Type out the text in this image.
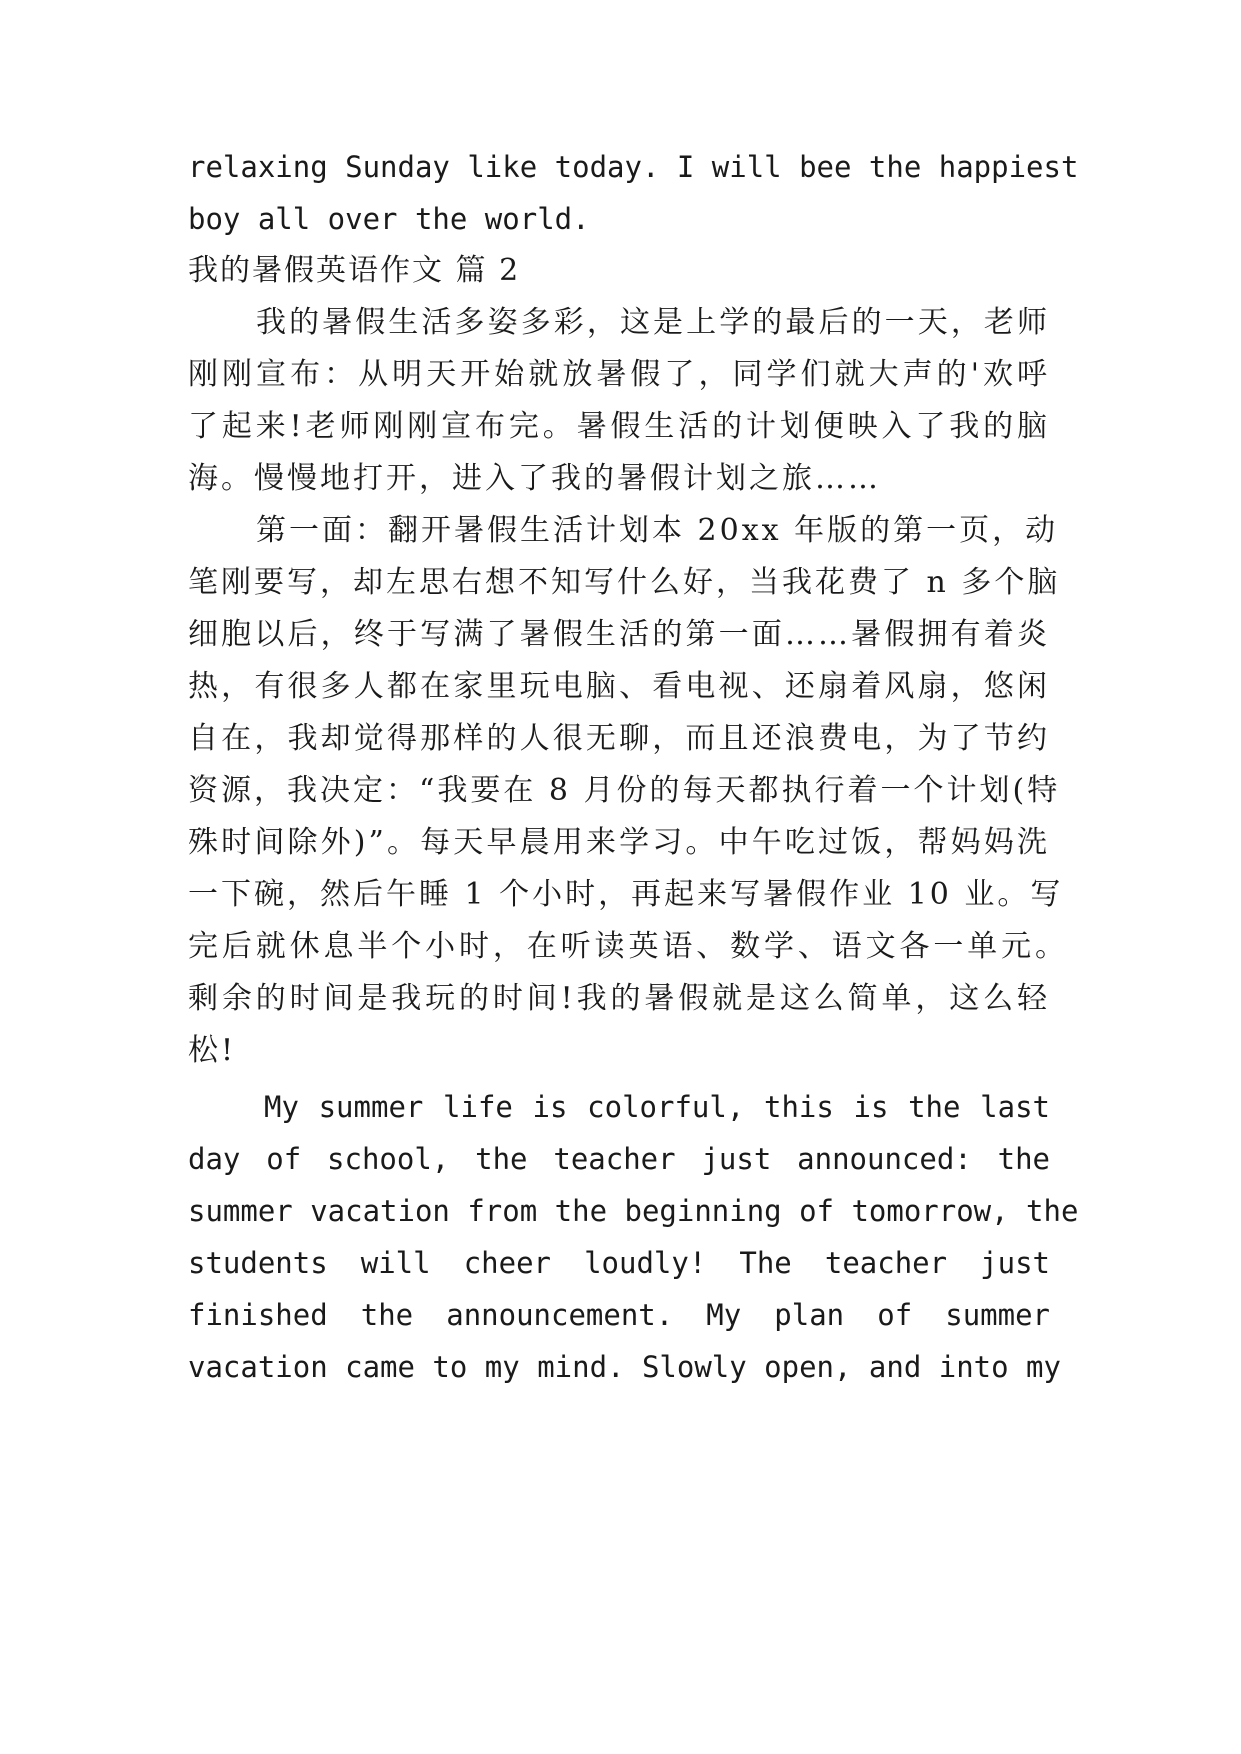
relaxing Sunday like today. I will bee the happiest

boy all over the world.

我的暑假英语作文 篇 2

我的暑假生活多姿多彩，这是上学的最后的一天，老师

刚刚宣布：从明天开始就放暑假了，同学们就大声的'欢呼

了起来!老师刚刚宣布完。暑假生活的计划便映入了我的脑

海。慢慢地打开，进入了我的暑假计划之旅……

第一面：翻开暑假生活计划本 20xx 年版的第一页，动

笔刚要写，却左思右想不知写什么好，当我花费了 n 多个脑

细胞以后，终于写满了暑假生活的第一面……暑假拥有着炎

热，有很多人都在家里玩电脑、看电视、还扇着风扇，悠闲

自在，我却觉得那样的人很无聊，而且还浪费电，为了节约

资源，我决定：“我要在 8 月份的每天都执行着一个计划(特

殊时间除外)”。每天早晨用来学习。中午吃过饭，帮妈妈洗

一下碗，然后午睡 1 个小时，再起来写暑假作业 10 业。写

完后就休息半个小时，在听读英语、数学、语文各一单元。

剩余的时间是我玩的时间!我的暑假就是这么简单，这么轻

松!

My summer life is colorful, this is the last

day of school, the teacher just announced: the

summer vacation from the beginning of tomorrow, the

students will cheer loudly! The teacher just

finished the announcement. My plan of summer

vacation came to my mind. Slowly open, and into my
